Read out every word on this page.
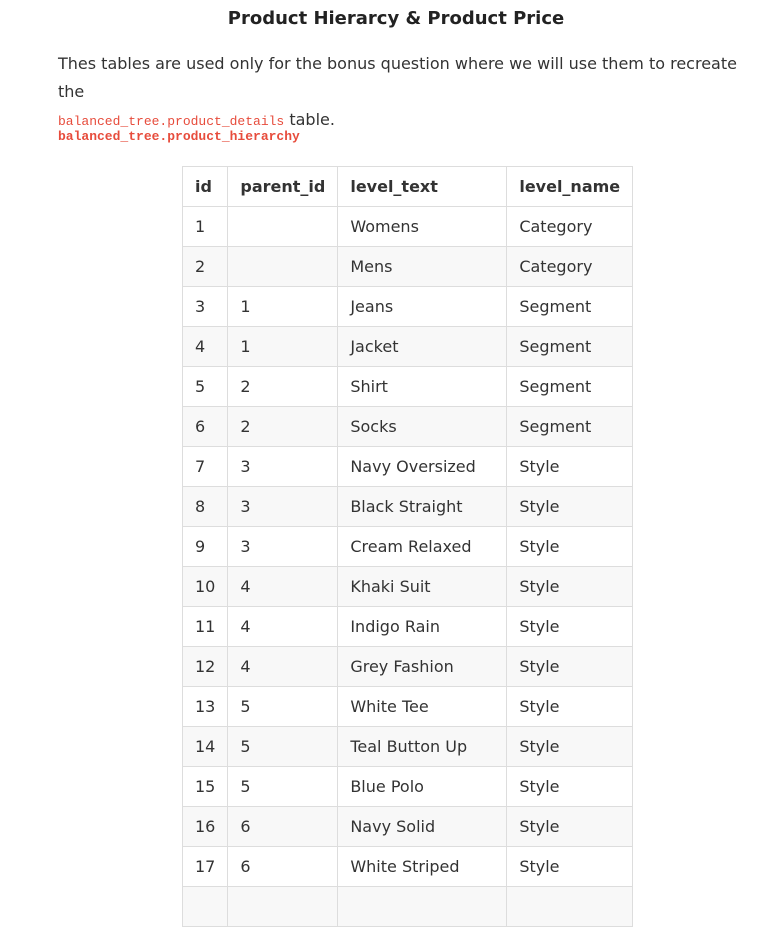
Product Hierarcy & Product Price
Thes tables are used only for the bonus question where we will use them to recreate the
balanced_tree.product_details table.
balanced_tree.product_hierarchy
id	parent_id	level_text	level_name
1		Womens	Category
2		Mens	Category
3	1	Jeans	Segment
4	1	Jacket	Segment
5	2	Shirt	Segment
6	2	Socks	Segment
7	3	Navy Oversized	Style
8	3	Black Straight	Style
9	3	Cream Relaxed	Style
10	4	Khaki Suit	Style
11	4	Indigo Rain	Style
12	4	Grey Fashion	Style
13	5	White Tee	Style
14	5	Teal Button Up	Style
15	5	Blue Polo	Style
16	6	Navy Solid	Style
17	6	White Striped	Style
